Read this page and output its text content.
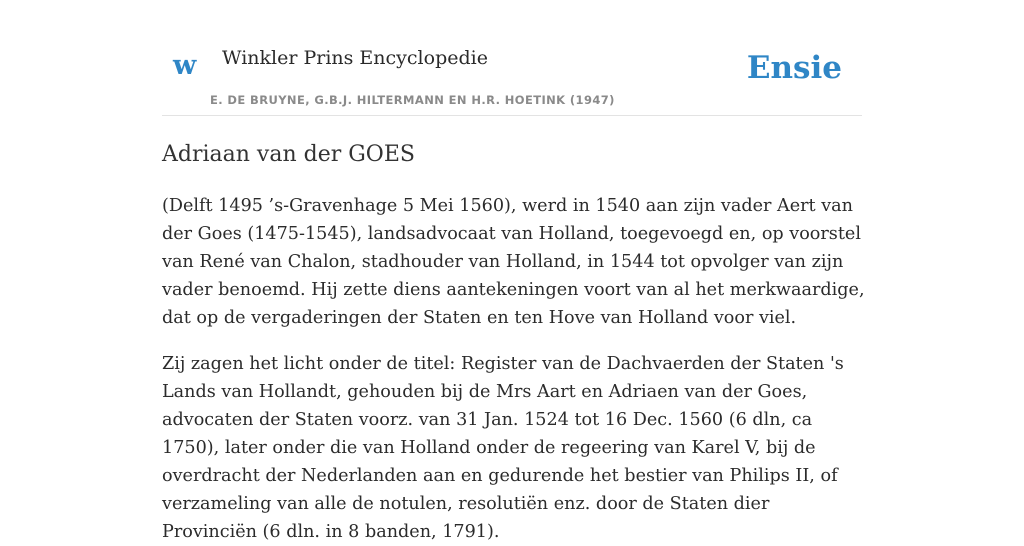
w Winkler Prins Encyclopedie
E. DE BRUYNE, G.B.J. HILTERMANN EN H.R. HOETINK (1947)
Ensie
Adriaan van der GOES

(Delft 1495 ’s-Gravenhage 5 Mei 1560), werd in 1540 aan zijn vader Aert van der Goes (1475-1545), landsadvocaat van Holland, toegevoegd en, op voorstel van René van Chalon, stadhouder van Holland, in 1544 tot opvolger van zijn vader benoemd. Hij zette diens aantekeningen voort van al het merkwaardige, dat op de vergaderingen der Staten en ten Hove van Holland voor viel.

Zij zagen het licht onder de titel: Register van de Dachvaerden der Staten 's Lands van Hollandt, gehouden bij de Mrs Aart en Adriaen van der Goes, advocaten der Staten voorz. van 31 Jan. 1524 tot 16 Dec. 1560 (6 dln, ca 1750), later onder die van Holland onder de regeering van Karel V, bij de overdracht der Nederlanden aan en gedurende het bestier van Philips II, of verzameling van alle de notulen, resolutiën enz. door de Staten dier Provinciën (6 dln. in 8 banden, 1791).
